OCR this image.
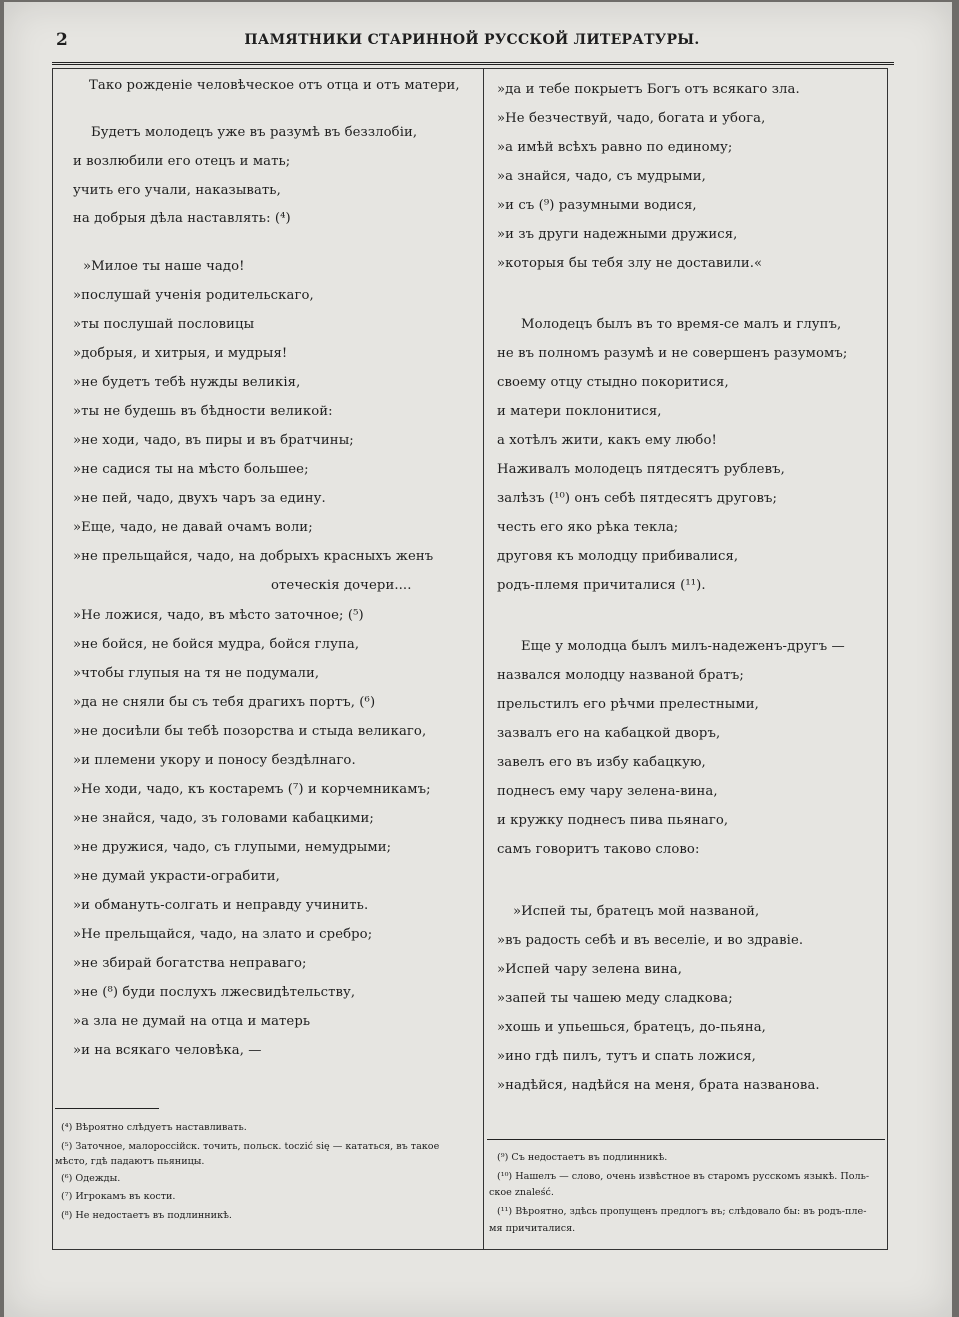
2	ПАМЯТНИКИ СТАРИННОЙ РУССКОЙ ЛИТЕРАТУРЫ.
Тако рожденіе человѣческое отъ отца и отъ матери,
Будетъ молодецъ уже въ разумѣ въ беззлобіи,
и возлюбили его отецъ и мать;
учить его учали, наказывать,
на добрыя дѣла наставлять: (⁴)
»Милое ты наше чадо!
»послушай ученія родительскаго,
»ты послушай пословицы
»добрыя, и хитрыя, и мудрыя!
»не будетъ тебѣ нужды великія,
»ты не будешь въ бѣдности великой:
»не ходи, чадо, въ пиры и въ братчины;
»не садися ты на мѣсто большее;
»не пей, чадо, двухъ чаръ за едину.
»Еще, чадо, не давай очамъ воли;
»не прельщайся, чадо, на добрыхъ красныхъ женъ
отеческія дочери....
»Не ложися, чадо, въ мѣсто заточное; (⁵)
»не бойся, не бойся мудра, бойся глупа,
»чтобы глупыя на тя не подумали,
»да не сняли бы съ тебя драгихъ портъ, (⁶)
»не досиѣли бы тебѣ позорства и стыда великаго,
»и племени укору и поносу бездѣлнаго.
»Не ходи, чадо, къ костаремъ (⁷) и корчемникамъ;
»не знайся, чадо, зъ головами кабацкими;
»не дружися, чадо, съ глупыми, немудрыми;
»не думай украсти-ограбити,
»и обмануть-солгать и неправду учинить.
»Не прельщайся, чадо, на злато и сребро;
»не збирай богатства неправаго;
»не (⁸) буди послухъ лжесвидѣтельству,
»а зла не думай на отца и матерь
»и на всякаго человѣка, —
(⁴) Вѣроятно слѣдуетъ наставливать.
(⁵) Заточное, малороссійск. точить, польск. toczić się — кататься, въ такое
мѣсто, гдѣ падаютъ пьяницы.
(⁶) Одежды.
(⁷) Игрокамъ въ кости.
(⁸) Не недостаетъ въ подлинникѣ.
»да и тебе покрыетъ Богъ отъ всякаго зла.
»Не безчествуй, чадо, богата и убога,
»а имѣй всѣхъ равно по единому;
»а знайся, чадо, съ мудрыми,
»и съ (⁹) разумными водися,
»и зъ други надежными дружися,
»которыя бы тебя злу не доставили.«
Молодецъ былъ въ то время-се малъ и глупъ,
не въ полномъ разумѣ и не совершенъ разумомъ;
своему отцу стыдно покоритися,
и матери поклонитися,
а хотѣлъ жити, какъ ему любо!
Наживалъ молодецъ пятдесятъ рублевъ,
залѣзъ (¹⁰) онъ себѣ пятдесятъ друговъ;
честь его яко рѣка текла;
друговя къ молодцу прибивалися,
родъ-племя причиталися (¹¹).
Еще у молодца былъ милъ-надеженъ-другъ —
назвался молодцу названой братъ;
прельстилъ его рѣчми прелестными,
зазвалъ его на кабацкой дворъ,
завелъ его въ избу кабацкую,
поднесъ ему чару зелена-вина,
и кружку поднесъ пива пьянаго,
самъ говоритъ таково слово:
»Испей ты, братецъ мой названой,
»въ радость себѣ и въ веселіе, и во здравіе.
»Испей чару зелена вина,
»запей ты чашею меду сладкова;
»хошь и упьешься, братецъ, до-пьяна,
»ино гдѣ пилъ, тутъ и спать ложися,
»надѣйся, надѣйся на меня, брата названова.
(⁹) Съ недостаетъ въ подлинникѣ.
(¹⁰) Нашелъ — слово, очень извѣстное въ старомъ русскомъ языкѣ. Поль-
ское znaleść.
(¹¹) Вѣроятно, здѣсь пропущенъ предлогъ въ; слѣдовало бы: въ родъ-пле-
мя причиталися.
